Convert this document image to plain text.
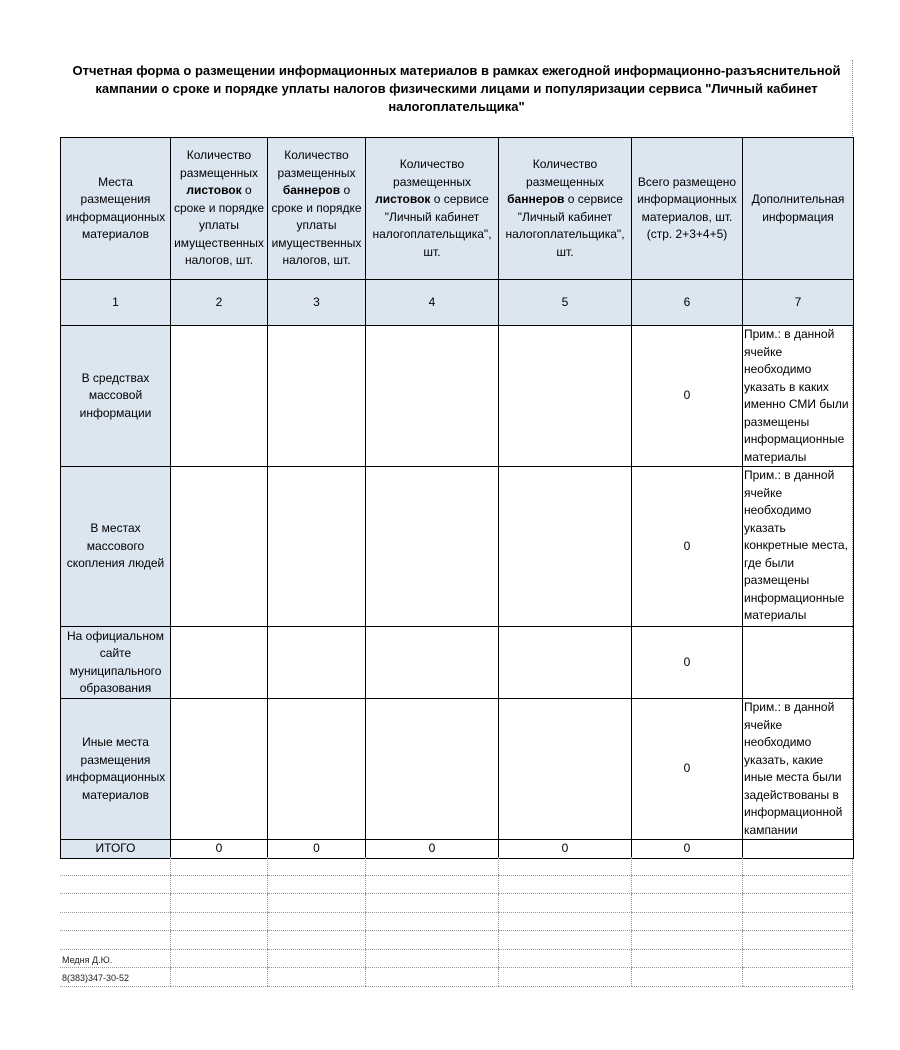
Отчетная форма о размещении информационных материалов в рамках ежегодной информационно-разъяснительной кампании о сроке и порядке уплаты налогов физическими лицами и популяризации сервиса "Личный кабинет налогоплательщика"
Места размещения информационных материалов	Количество размещенных листовок о сроке и порядке уплаты имущественных налогов, шт.	Количество размещенных баннеров о сроке и порядке уплаты имущественных налогов, шт.	Количество размещенных листовок о сервисе "Личный кабинет налогоплательщика", шт.	Количество размещенных баннеров о сервисе "Личный кабинет налогоплательщика", шт.	Всего размещено информационных материалов, шт. (стр. 2+3+4+5)	Дополнительная информация
1	2	3	4	5	6	7
В средствах массовой информации					0	Прим.: в данной ячейке необходимо указать в каких именно СМИ были размещены информационные материалы
В местах массового скопления людей					0	Прим.: в данной ячейке необходимо указать конкретные места, где были размещены информационные материалы
На официальном сайте муниципального образования					0	
Иные места размещения информационных материалов					0	Прим.: в данной ячейке необходимо указать, какие иные места были задействованы в информационной кампании
ИТОГО	0	0	0	0	0	

Медня Д.Ю.
8(383)347-30-52
